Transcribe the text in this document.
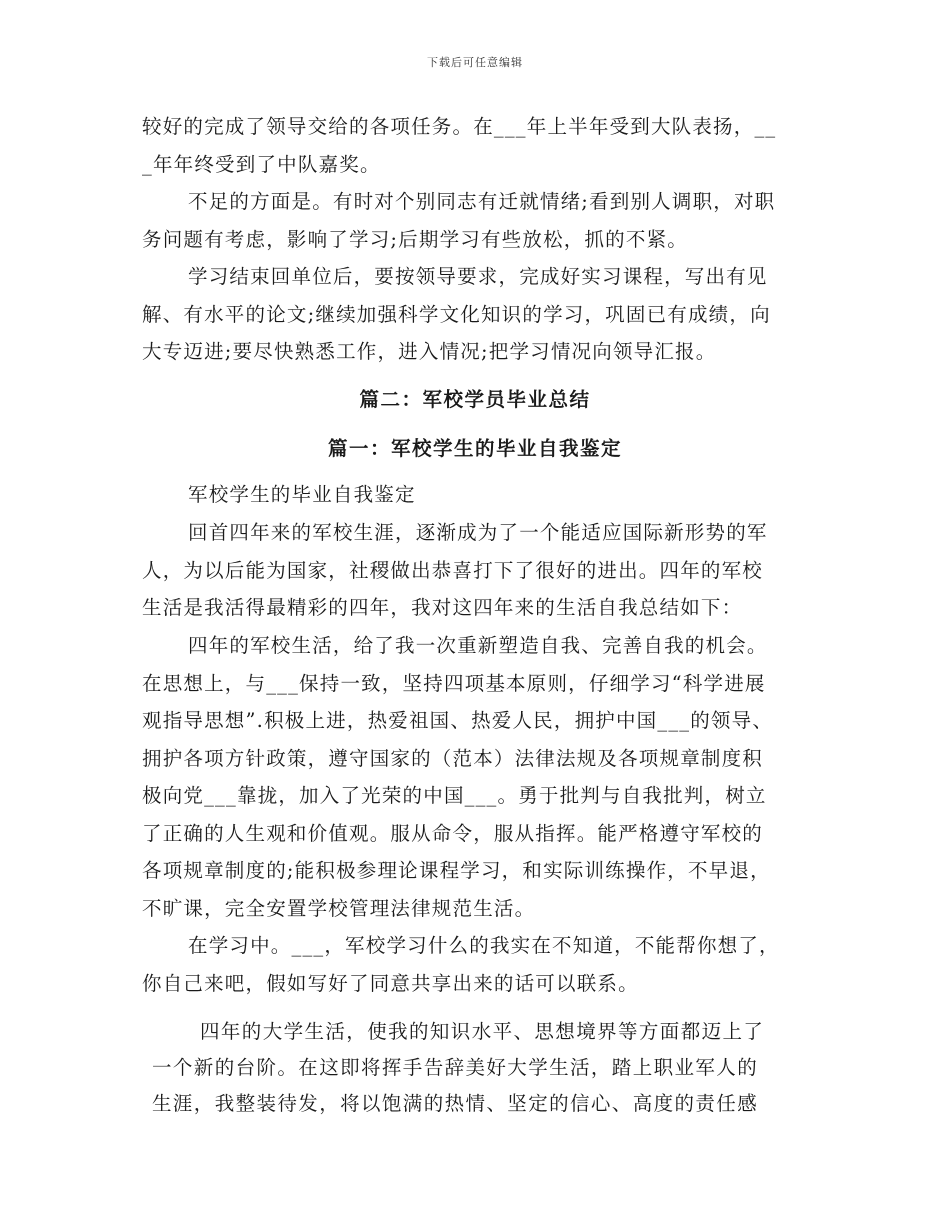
下载后可任意编辑

较好的完成了领导交给的各项任务。在___年上半年受到大队表扬，__
_年年终受到了中队嘉奖。

不足的方面是。有时对个别同志有迁就情绪;看到别人调职，对职
务问题有考虑，影响了学习;后期学习有些放松，抓的不紧。

学习结束回单位后，要按领导要求，完成好实习课程，写出有见
解、有水平的论文;继续加强科学文化知识的学习，巩固已有成绩，向
大专迈进;要尽快熟悉工作，进入情况;把学习情况向领导汇报。

篇二：军校学员毕业总结
篇一：军校学生的毕业自我鉴定

军校学生的毕业自我鉴定

回首四年来的军校生涯，逐渐成为了一个能适应国际新形势的军
人，为以后能为国家，社稷做出恭喜打下了很好的进出。四年的军校
生活是我活得最精彩的四年，我对这四年来的生活自我总结如下：

四年的军校生活，给了我一次重新塑造自我、完善自我的机会。
在思想上，与___保持一致，坚持四项基本原则，仔细学习“科学进展
观指导思想”.积极上进，热爱祖国、热爱人民，拥护中国___的领导、
拥护各项方针政策，遵守国家的（范本）法律法规及各项规章制度积
极向党___靠拢，加入了光荣的中国___。勇于批判与自我批判，树立
了正确的人生观和价值观。服从命令，服从指挥。能严格遵守军校的
各项规章制度的;能积极参理论课程学习，和实际训练操作，不早退，
不旷课，完全安置学校管理法律规范生活。

在学习中。___，军校学习什么的我实在不知道，不能帮你想了，
你自己来吧，假如写好了同意共享出来的话可以联系。

四年的大学生活，使我的知识水平、思想境界等方面都迈上了
一个新的台阶。在这即将挥手告辞美好大学生活，踏上职业军人的
生涯，我整装待发，将以饱满的热情、坚定的信心、高度的责任感
